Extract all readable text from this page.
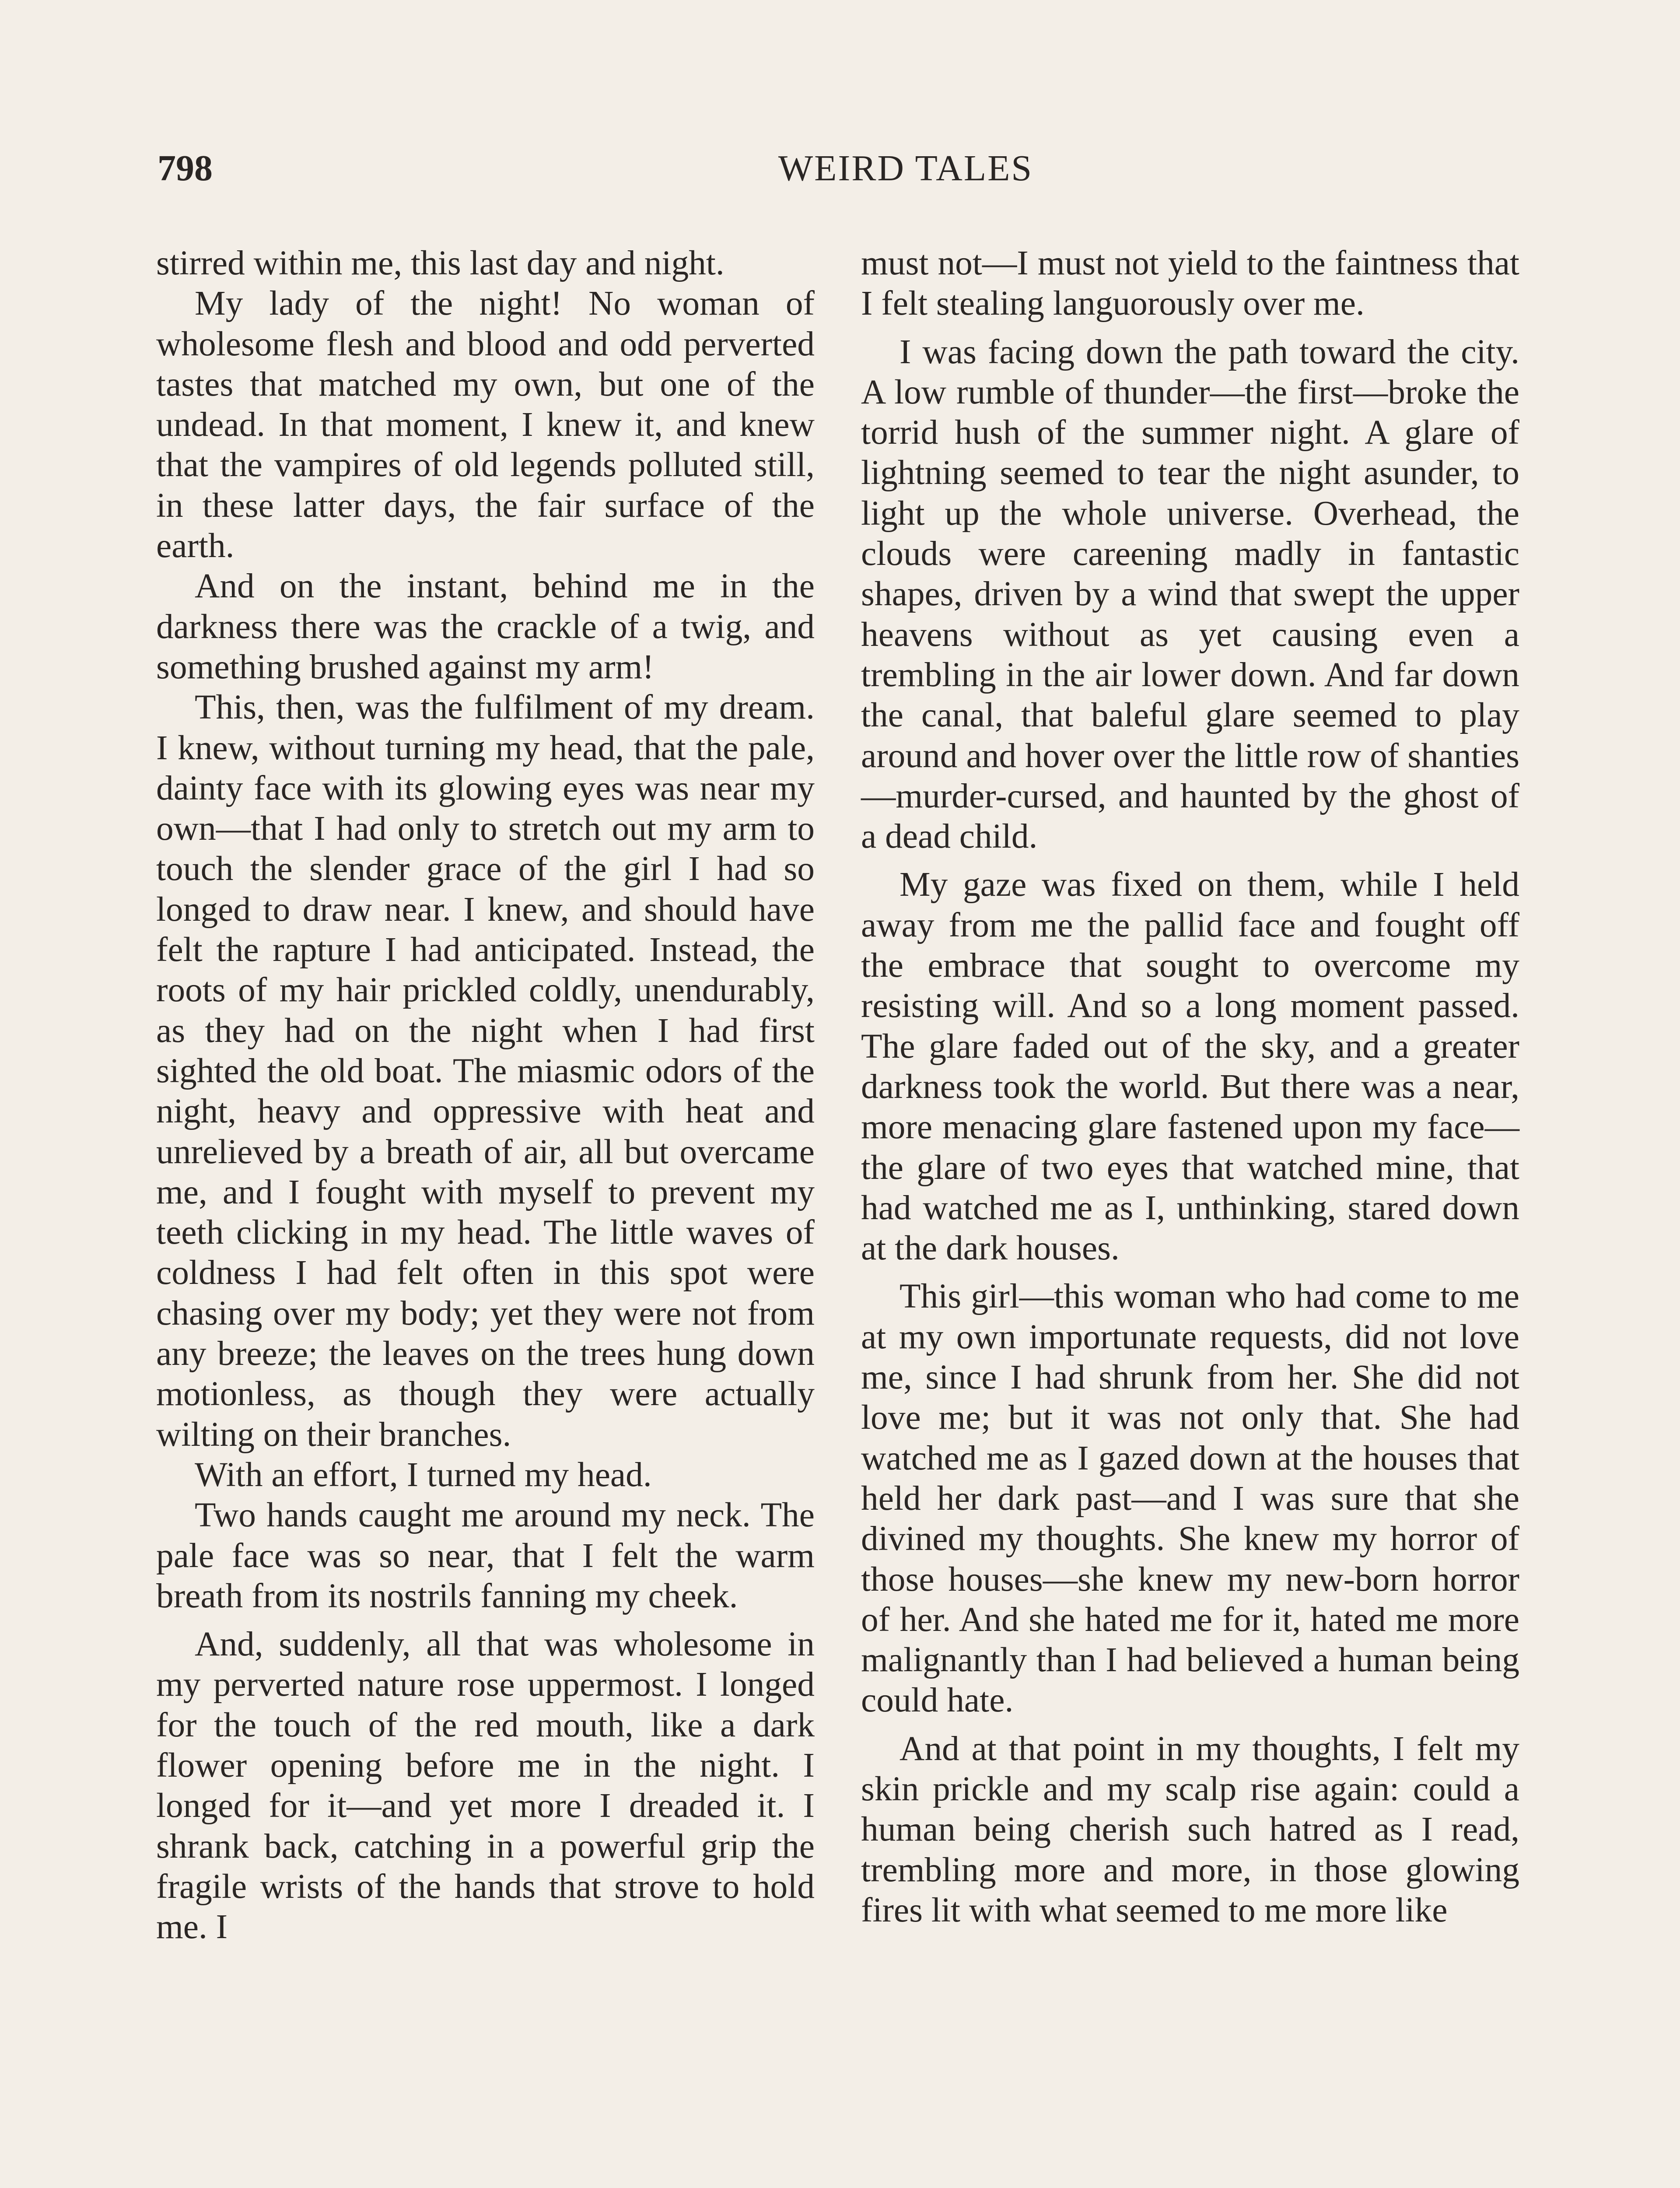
798	WEIRD TALES

stirred within me, this last day and night.

My lady of the night! No woman of wholesome flesh and blood and odd perverted tastes that matched my own, but one of the undead. In that moment, I knew it, and knew that the vampires of old legends polluted still, in these latter days, the fair surface of the earth.

And on the instant, behind me in the darkness there was the crackle of a twig, and something brushed against my arm!

This, then, was the fulfilment of my dream. I knew, without turning my head, that the pale, dainty face with its glowing eyes was near my own—that I had only to stretch out my arm to touch the slender grace of the girl I had so longed to draw near. I knew, and should have felt the rapture I had anticipated. Instead, the roots of my hair prickled coldly, unendurably, as they had on the night when I had first sighted the old boat. The miasmic odors of the night, heavy and oppressive with heat and unrelieved by a breath of air, all but overcame me, and I fought with myself to prevent my teeth clicking in my head. The little waves of coldness I had felt often in this spot were chasing over my body; yet they were not from any breeze; the leaves on the trees hung down motionless, as though they were actually wilting on their branches.

With an effort, I turned my head.

Two hands caught me around my neck. The pale face was so near, that I felt the warm breath from its nostrils fanning my cheek.

And, suddenly, all that was wholesome in my perverted nature rose uppermost. I longed for the touch of the red mouth, like a dark flower opening before me in the night. I longed for it—and yet more I dreaded it. I shrank back, catching in a powerful grip the fragile wrists of the hands that strove to hold me. I

must not—I must not yield to the faintness that I felt stealing languorously over me.

I was facing down the path toward the city. A low rumble of thunder—the first—broke the torrid hush of the summer night. A glare of lightning seemed to tear the night asunder, to light up the whole universe. Overhead, the clouds were careening madly in fantastic shapes, driven by a wind that swept the upper heavens without as yet causing even a trembling in the air lower down. And far down the canal, that baleful glare seemed to play around and hover over the little row of shanties—murder-cursed, and haunted by the ghost of a dead child.

My gaze was fixed on them, while I held away from me the pallid face and fought off the embrace that sought to overcome my resisting will. And so a long moment passed. The glare faded out of the sky, and a greater darkness took the world. But there was a near, more menacing glare fastened upon my face—the glare of two eyes that watched mine, that had watched me as I, unthinking, stared down at the dark houses.

This girl—this woman who had come to me at my own importunate requests, did not love me, since I had shrunk from her. She did not love me; but it was not only that. She had watched me as I gazed down at the houses that held her dark past—and I was sure that she divined my thoughts. She knew my horror of those houses—she knew my new-born horror of her. And she hated me for it, hated me more malignantly than I had believed a human being could hate.

And at that point in my thoughts, I felt my skin prickle and my scalp rise again: could a human being cherish such hatred as I read, trembling more and more, in those glowing fires lit with what seemed to me more like
